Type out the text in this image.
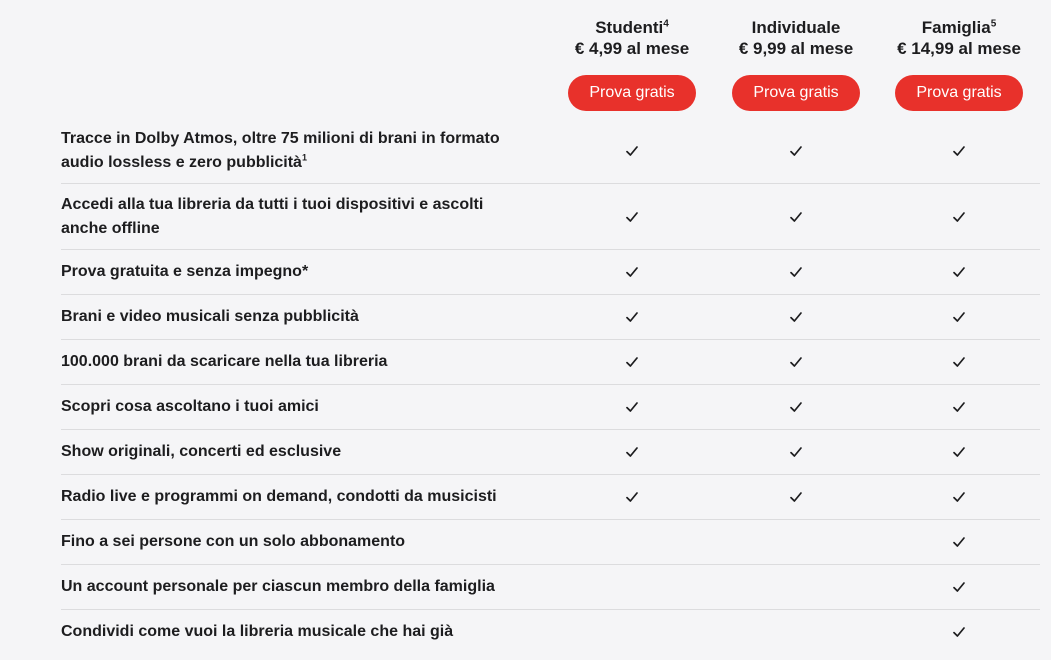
Studenti$^4$
€ 4,99 al mese
Prova gratis
Individuale
€ 9,99 al mese
Prova gratis
Famiglia$^5$
€ 14,99 al mese
Prova gratis
Tracce in Dolby Atmos, oltre 75 milioni di brani in formato audio lossless e zero pubblicità$^1$
Accedi alla tua libreria da tutti i tuoi dispositivi e ascolti anche offline
Prova gratuita e senza impegno*
Brani e video musicali senza pubblicità
100.000 brani da scaricare nella tua libreria
Scopri cosa ascoltano i tuoi amici
Show originali, concerti ed esclusive
Radio live e programmi on demand, condotti da musicisti
Fino a sei persone con un solo abbonamento
Un account personale per ciascun membro della famiglia
Condividi come vuoi la libreria musicale che hai già
